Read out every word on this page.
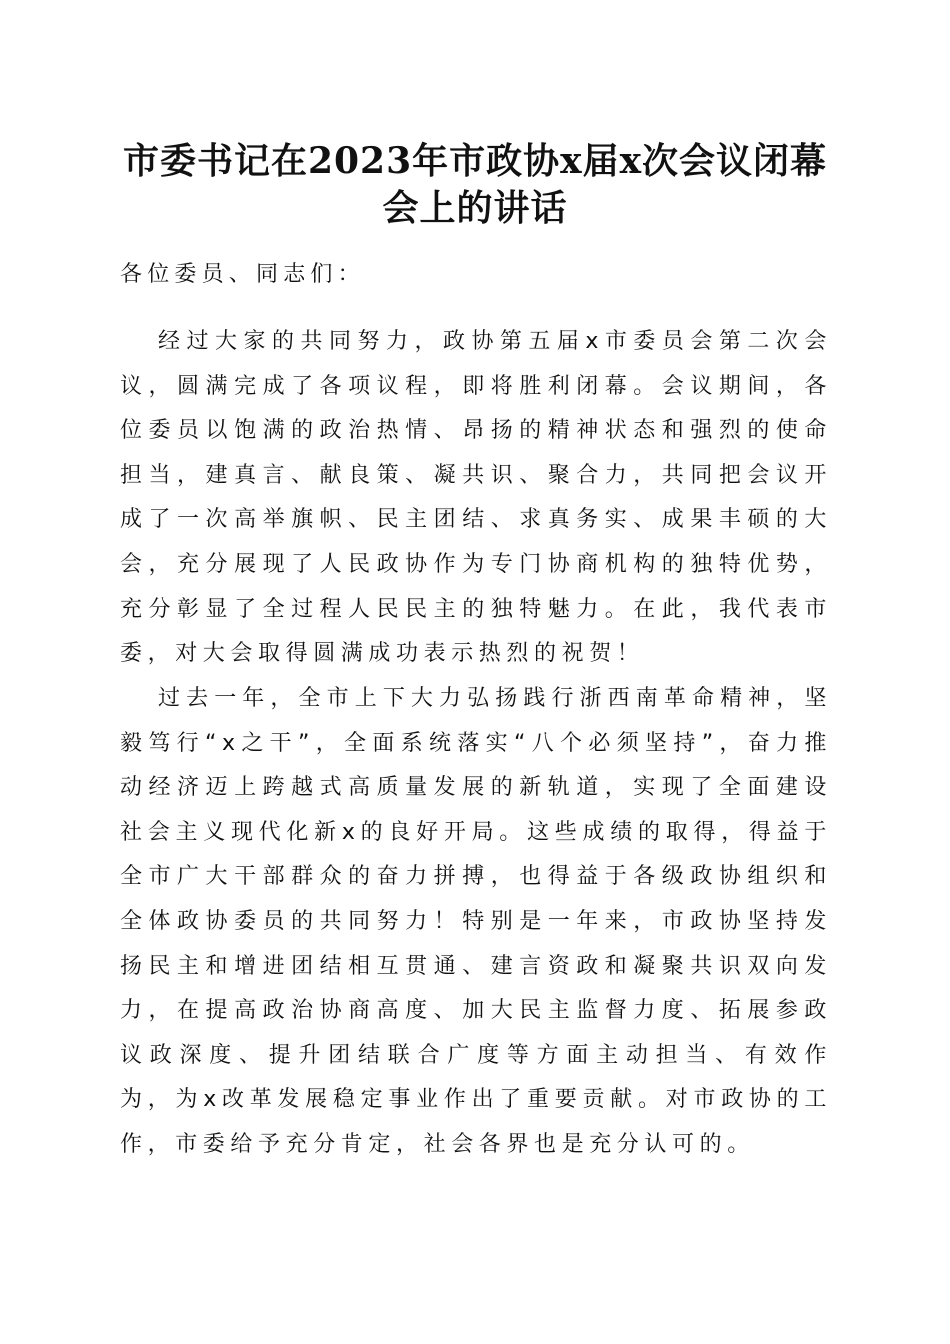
市委书记在2023年市政协x届x次会议闭幕
会上的讲话
各位委员、同志们：
经过大家的共同努力，政协第五届x市委员会第二次会议，圆满完成了各项议程，即将胜利闭幕。会议期间，各位委员以饱满的政治热情、昂扬的精神状态和强烈的使命担当，建真言、献良策、凝共识、聚合力，共同把会议开成了一次高举旗帜、民主团结、求真务实、成果丰硕的大会，充分展现了人民政协作为专门协商机构的独特优势，充分彰显了全过程人民民主的独特魅力。在此，我代表市委，对大会取得圆满成功表示热烈的祝贺！
过去一年，全市上下大力弘扬践行浙西南革命精神，坚毅笃行“x之干”，全面系统落实“八个必须坚持”，奋力推动经济迈上跨越式高质量发展的新轨道，实现了全面建设社会主义现代化新x的良好开局。这些成绩的取得，得益于全市广大干部群众的奋力拼搏，也得益于各级政协组织和全体政协委员的共同努力！特别是一年来，市政协坚持发扬民主和增进团结相互贯通、建言资政和凝聚共识双向发力，在提高政治协商高度、加大民主监督力度、拓展参政议政深度、提升团结联合广度等方面主动担当、有效作为，为x改革发展稳定事业作出了重要贡献。对市政协的工作，市委给予充分肯定，社会各界也是充分认可的。
